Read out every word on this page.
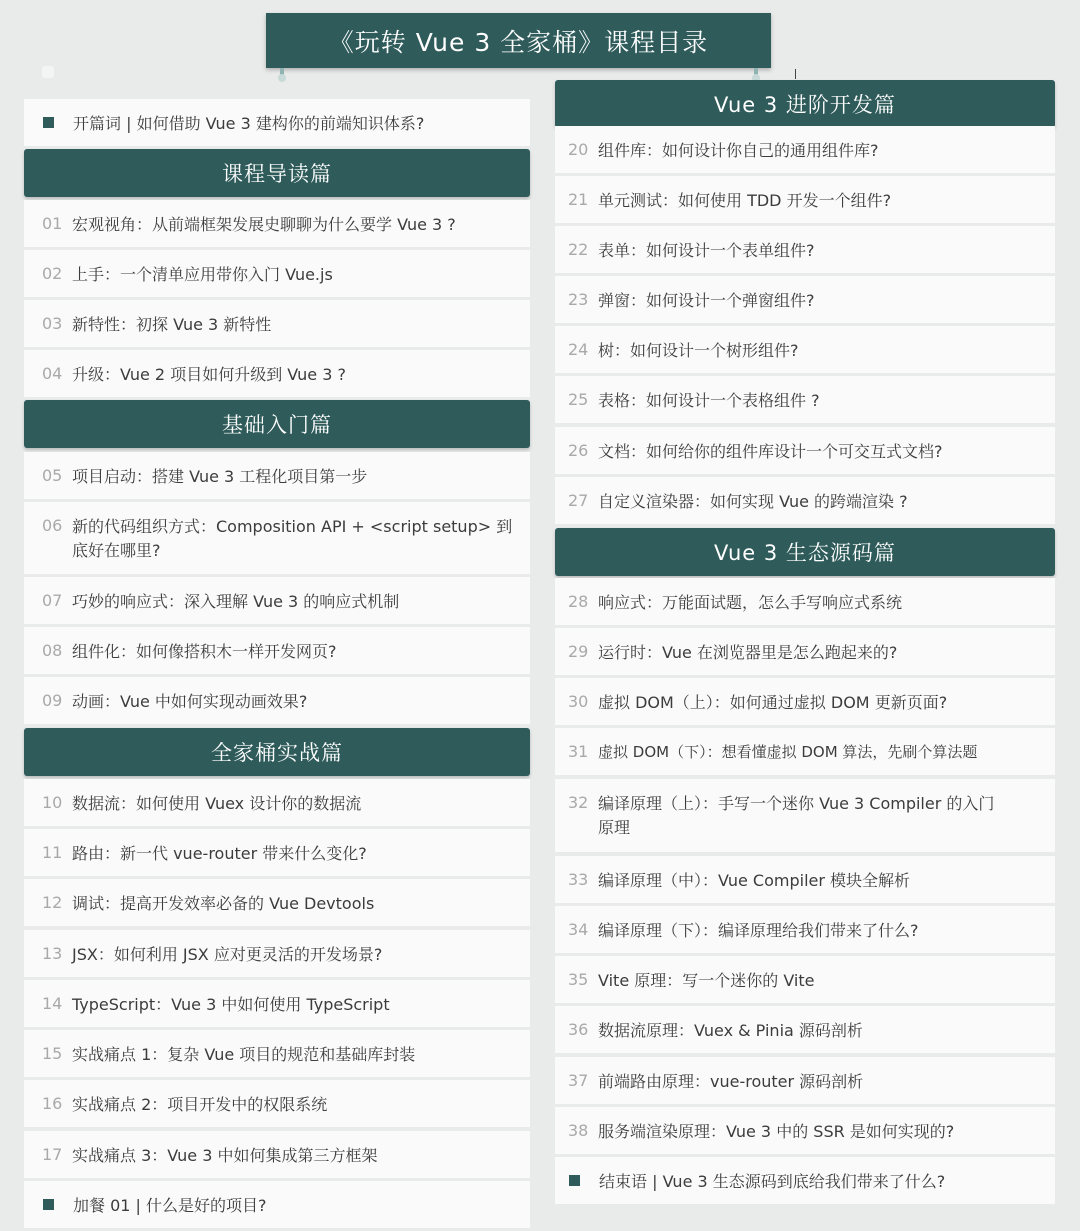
《玩转 Vue 3 全家桶》课程目录
开篇词 | 如何借助 Vue 3 建构你的前端知识体系?
课程导读篇
01 宏观视角：从前端框架发展史聊聊为什么要学 Vue 3 ?
02 上手：一个清单应用带你入门 Vue.js
03 新特性：初探 Vue 3 新特性
04 升级：Vue 2 项目如何升级到 Vue 3 ?
基础入门篇
05 项目启动：搭建 Vue 3 工程化项目第一步
06 新的代码组织方式：Composition API + <script setup> 到底好在哪里?
07 巧妙的响应式：深入理解 Vue 3 的响应式机制
08 组件化：如何像搭积木一样开发网页?
09 动画：Vue 中如何实现动画效果?
全家桶实战篇
10 数据流：如何使用 Vuex 设计你的数据流
11 路由：新一代 vue-router 带来什么变化?
12 调试：提高开发效率必备的 Vue Devtools
13 JSX：如何利用 JSX 应对更灵活的开发场景?
14 TypeScript：Vue 3 中如何使用 TypeScript
15 实战痛点 1：复杂 Vue 项目的规范和基础库封装
16 实战痛点 2：项目开发中的权限系统
17 实战痛点 3：Vue 3 中如何集成第三方框架
加餐 01 | 什么是好的项目?
Vue 3 进阶开发篇
20 组件库：如何设计你自己的通用组件库?
21 单元测试：如何使用 TDD 开发一个组件?
22 表单：如何设计一个表单组件?
23 弹窗：如何设计一个弹窗组件?
24 树：如何设计一个树形组件?
25 表格：如何设计一个表格组件 ?
26 文档：如何给你的组件库设计一个可交互式文档?
27 自定义渲染器：如何实现 Vue 的跨端渲染 ?
Vue 3 生态源码篇
28 响应式：万能面试题，怎么手写响应式系统
29 运行时：Vue 在浏览器里是怎么跑起来的?
30 虚拟 DOM（上）：如何通过虚拟 DOM 更新页面?
31 虚拟 DOM（下）：想看懂虚拟 DOM 算法，先刷个算法题
32 编译原理（上）：手写一个迷你 Vue 3 Compiler 的入门原理
33 编译原理（中）：Vue Compiler 模块全解析
34 编译原理（下）：编译原理给我们带来了什么?
35 Vite 原理：写一个迷你的 Vite
36 数据流原理：Vuex & Pinia 源码剖析
37 前端路由原理：vue-router 源码剖析
38 服务端渲染原理：Vue 3 中的 SSR 是如何实现的?
结束语 | Vue 3 生态源码到底给我们带来了什么?
